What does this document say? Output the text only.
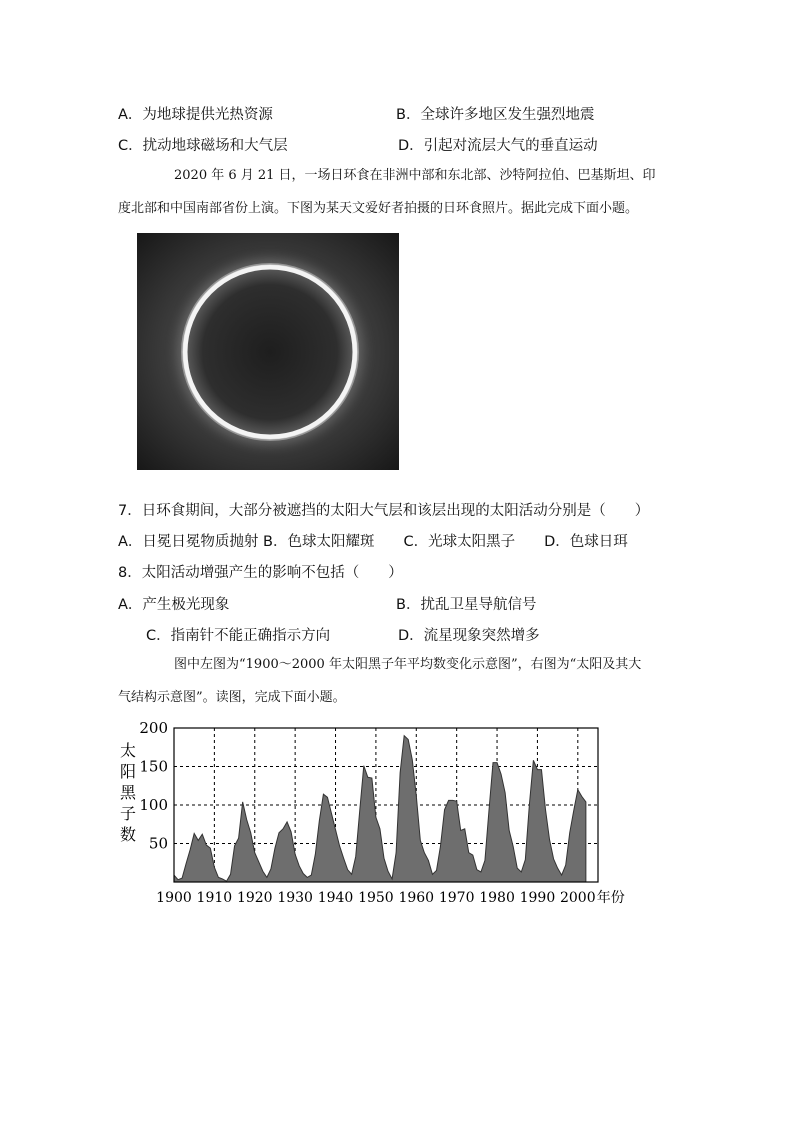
A．为地球提供光热资源	B．全球许多地区发生强烈地震
C．扰动地球磁场和大气层	D．引起对流层大气的垂直运动
2020 年 6 月 21 日，一场日环食在非洲中部和东北部、沙特阿拉伯、巴基斯坦、印
度北部和中国南部省份上演。下图为某天文爱好者拍摄的日环食照片。据此完成下面小题。
7．日环食期间，大部分被遮挡的太阳大气层和该层出现的太阳活动分别是（　　）
A．日冕日冕物质抛射 B．色球太阳耀斑　　C．光球太阳黑子　　D．色球日珥
8．太阳活动增强产生的影响不包括（　　）
A．产生极光现象	B．扰乱卫星导航信号
C．指南针不能正确指示方向	D．流星现象突然增多
图中左图为“1900～2000 年太阳黑子年平均数变化示意图”，右图为“太阳及其大
气结构示意图”。读图，完成下面小题。
50
100
150
200
1900 1910 1920 1930 1940 1950 1960 1970 1980 1990 2000
太
阳
黑
子
数
年份
